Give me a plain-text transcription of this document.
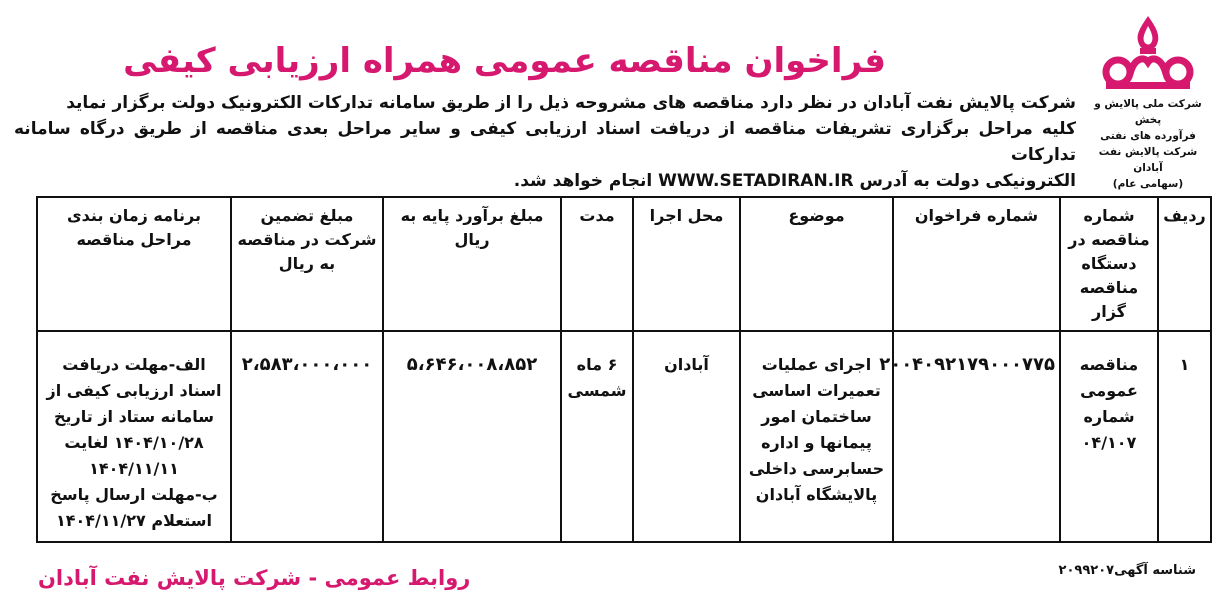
شرکت ملی پالایش و پخش
فرآورده های نفتی
شرکت پالایش نفت آبادان
(سهامی عام)
فراخوان مناقصه عمومی همراه ارزیابی کیفی

شرکت پالایش نفت آبادان در نظر دارد مناقصه های مشروحه ذیل را از طریق سامانه تدارکات الکترونیک دولت برگزار نماید

کلیه مراحل برگزاری تشریفات مناقصه از دریافت اسناد ارزیابی کیفی و سایر مراحل بعدی مناقصه از طریق درگاه سامانه تدارکات

الکترونیکی دولت به آدرس WWW.SETADIRAN.IR انجام خواهد شد.

ردیف	شماره مناقصه در دستگاه مناقصه گزار	شماره فراخوان	موضوع	محل اجرا	مدت	مبلغ برآورد پایه به ریال	مبلغ تضمین شرکت در مناقصه به ریال	برنامه زمان بندی مراحل مناقصه
۱	مناقصه عمومی شماره ۰۴/۱۰۷	۲۰۰۴۰۹۲۱۷۹۰۰۰۷۷۵	اجرای عملیات تعمیرات اساسی ساختمان امور پیمانها و اداره حسابرسی داخلی پالایشگاه آبادان	آبادان	۶ ماه شمسی	۵،۶۴۶،۰۰۸،۸۵۲	۲،۵۸۳،۰۰۰،۰۰۰	الف-مهلت دریافت اسناد ارزیابی کیفی از سامانه ستاد از تاریخ ۱۴۰۴/۱۰/۲۸ لغایت ۱۴۰۴/۱۱/۱۱
ب-مهلت ارسال پاسخ استعلام ۱۴۰۴/۱۱/۲۷
شناسه آگهی۲۰۹۹۲۰۷
روابط عمومی - شرکت پالایش نفت آبادان
